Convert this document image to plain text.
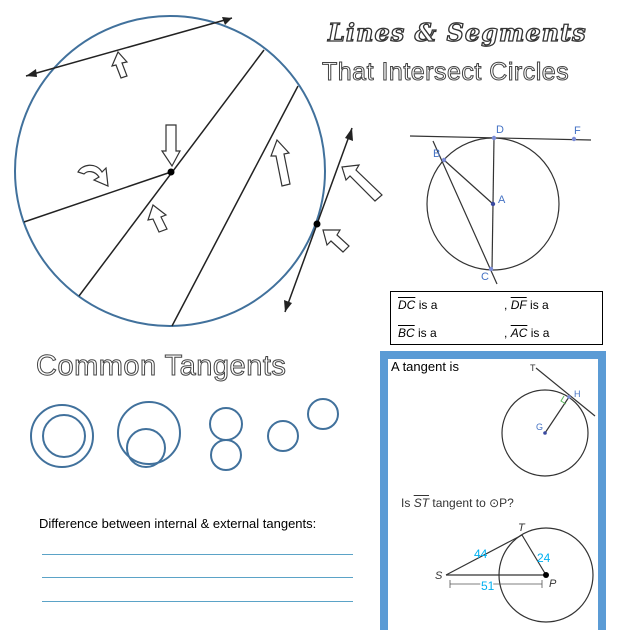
D	F
B
A
C
Lines & Segments
That Intersect Circles
$\overline{DC}$ is a	, $\overline{DF}$ is a
$\overline{BC}$ is a	, $\overline{AC}$ is a
Common Tangents	A tangent is	T
H
G
T
S
P
44	24
51
Is $\overline{ST}$ tangent to ⊙P?
Difference between internal & external tangents:
